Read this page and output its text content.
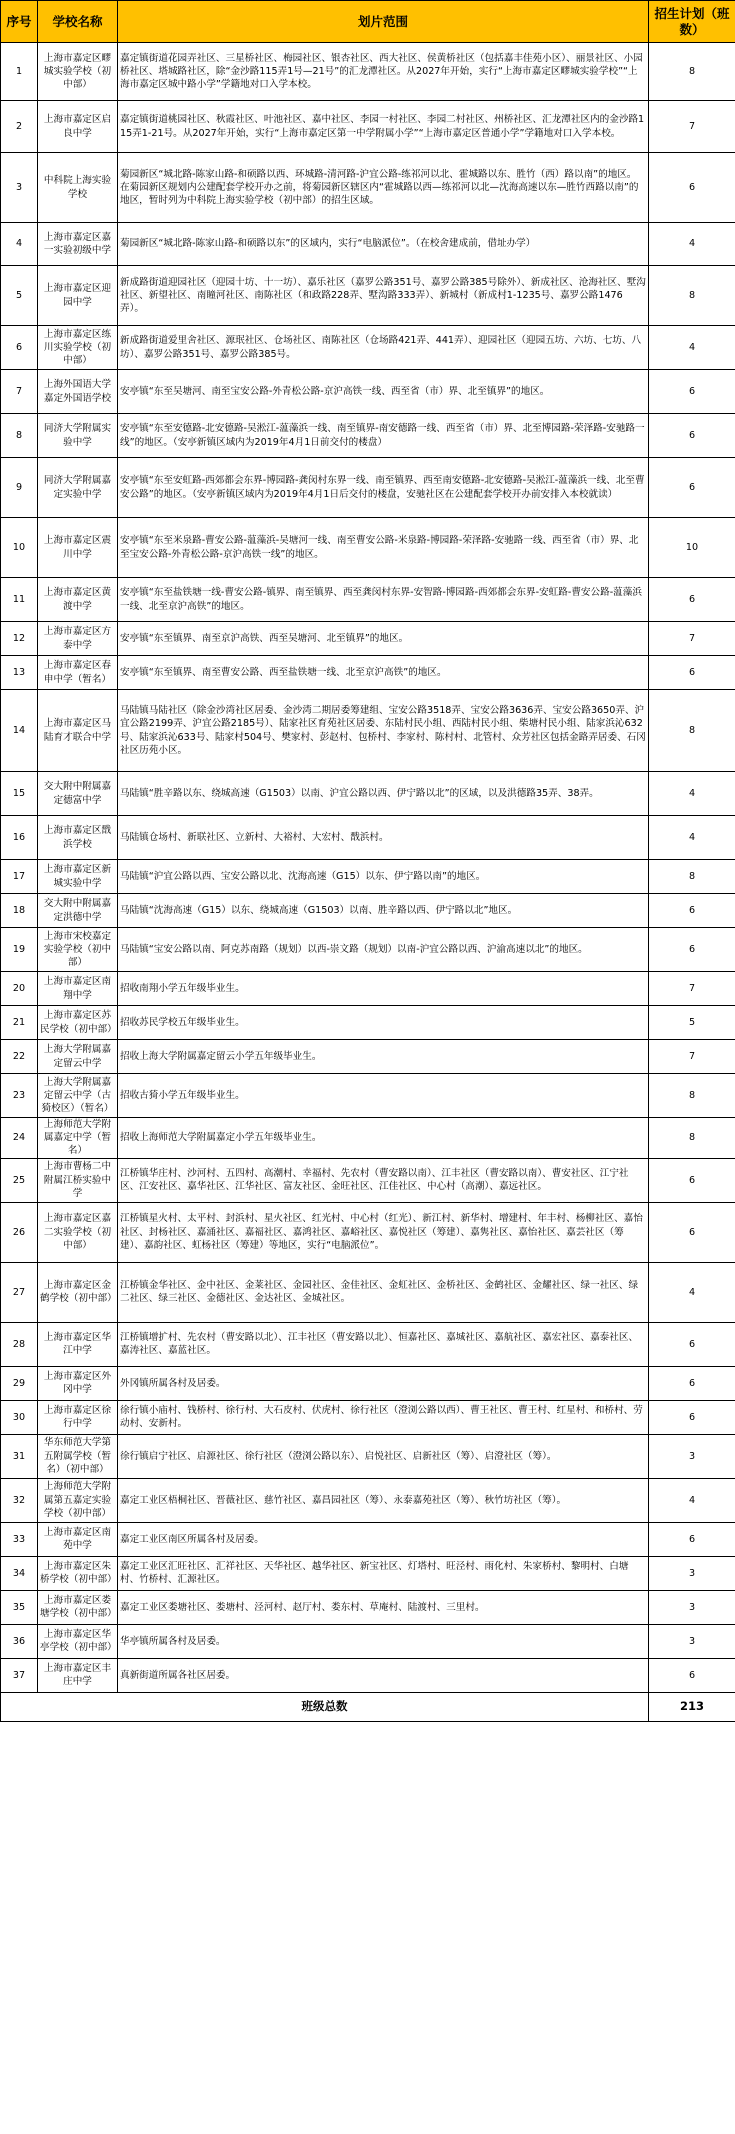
序号	学校名称	划片范围	招生计划（班数）
1	上海市嘉定区疁城实验学校（初中部）	嘉定镇街道花园弄社区、三星桥社区、梅园社区、银杏社区、西大社区、侯黄桥社区（包括嘉丰佳苑小区）、丽景社区、小园桥社区、塔城路社区，除“金沙路115弄1号—21号”的汇龙潭社区。从2027年开始，实行“上海市嘉定区疁城实验学校”“上海市嘉定区城中路小学”学籍地对口入学本校。	8
2	上海市嘉定区启良中学	嘉定镇街道桃园社区、秋霞社区、叶池社区、嘉中社区、李园一村社区、李园二村社区、州桥社区、汇龙潭社区内的金沙路115弄1-21号。从2027年开始，实行“上海市嘉定区第一中学附属小学”“上海市嘉定区普通小学”学籍地对口入学本校。	7
3	中科院上海实验学校	菊园新区“城北路-陈家山路-和硕路以西、环城路-清河路-沪宜公路-练祁河以北、霍城路以东、胜竹（西）路以南”的地区。在菊园新区规划内公建配套学校开办之前，将菊园新区辖区内“霍城路以西—练祁河以北—沈海高速以东—胜竹西路以南”的地区，暂时列为中科院上海实验学校（初中部）的招生区域。	6
4	上海市嘉定区嘉一实验初级中学	菊园新区“城北路-陈家山路-和硕路以东”的区域内，实行“电脑派位”。（在校舍建成前，借址办学）	4
5	上海市嘉定区迎园中学	新成路街道迎园社区（迎园十坊、十一坊）、嘉乐社区（嘉罗公路351号、嘉罗公路385号除外）、新成社区、沧海社区、墅沟社区、新望社区、南瞳河社区、南陈社区（和政路228弄、墅沟路333弄）、新城村（新成村1-1235号、嘉罗公路1476弄）。	8
6	上海市嘉定区练川实验学校（初中部）	新成路街道爱里舍社区、源珉社区、仓场社区、南陈社区（仓场路421弄、441弄）、迎园社区（迎园五坊、六坊、七坊、八坊）、嘉罗公路351号、嘉罗公路385号。	4
7	上海外国语大学嘉定外国语学校	安亭镇“东至吴塘河、南至宝安公路-外青松公路-京沪高铁一线、西至省（市）界、北至镇界”的地区。	6
8	同济大学附属实验中学	安亭镇“东至安德路-北安德路-吴淞江-蕰藻浜一线、南至镇界-南安德路一线、西至省（市）界、北至博园路-荣泽路-安驰路一线”的地区。（安亭新镇区域内为2019年4月1日前交付的楼盘）	6
9	同济大学附属嘉定实验中学	安亭镇“东至安虹路-西郊都会东界-博园路-龚闵村东界一线、南至镇界、西至南安德路-北安德路-吴淞江-蕰藻浜一线、北至曹安公路”的地区。（安亭新镇区域内为2019年4月1日后交付的楼盘，安驰社区在公建配套学校开办前安排入本校就读）	6
10	上海市嘉定区震川中学	安亭镇“东至米泉路-曹安公路-蕰藻浜-吴塘河一线、南至曹安公路-米泉路-博园路-荣泽路-安驰路一线、西至省（市）界、北至宝安公路-外青松公路-京沪高铁一线”的地区。	10
11	上海市嘉定区黄渡中学	安亭镇“东至盐铁塘一线-曹安公路-镇界、南至镇界、西至龚闵村东界-安智路-博园路-西郊都会东界-安虹路-曹安公路-蕰藻浜一线、北至京沪高铁”的地区。	6
12	上海市嘉定区方泰中学	安亭镇“东至镇界、南至京沪高铁、西至吴塘河、北至镇界”的地区。	7
13	上海市嘉定区春申中学（暂名）	安亭镇“东至镇界、南至曹安公路、西至盐铁塘一线、北至京沪高铁”的地区。	6
14	上海市嘉定区马陆育才联合中学	马陆镇马陆社区（除金沙湾社区居委、金沙湾二期居委筹建组、宝安公路3518弄、宝安公路3636弄、宝安公路3650弄、沪宜公路2199弄、沪宜公路2185号）、陆家社区育苑社区居委、东陆村民小组、西陆村民小组、柴塘村民小组、陆家浜沁632号、陆家浜沁633号、陆家村504号、樊家村、彭赵村、包桥村、李家村、陈村村、北管村、众芳社区包括金路弄居委、石冈社区历苑小区。	8
15	交大附中附属嘉定德富中学	马陆镇“胜辛路以东、绕城高速（G1503）以南、沪宜公路以西、伊宁路以北”的区域，以及洪德路35弄、38弄。	4
16	上海市嘉定区戬浜学校	马陆镇仓场村、新联社区、立新村、大裕村、大宏村、戬浜村。	4
17	上海市嘉定区新城实验中学	马陆镇“沪宜公路以西、宝安公路以北、沈海高速（G15）以东、伊宁路以南”的地区。	8
18	交大附中附属嘉定洪德中学	马陆镇“沈海高速（G15）以东、绕城高速（G1503）以南、胜辛路以西、伊宁路以北”地区。	6
19	上海市宋校嘉定实验学校（初中部）	马陆镇“宝安公路以南、阿克苏南路（规划）以西-崇文路（规划）以南-沪宜公路以西、沪渝高速以北”的地区。	6
20	上海市嘉定区南翔中学	招收南翔小学五年级毕业生。	7
21	上海市嘉定区苏民学校（初中部）	招收苏民学校五年级毕业生。	5
22	上海大学附属嘉定留云中学	招收上海大学附属嘉定留云小学五年级毕业生。	7
23	上海大学附属嘉定留云中学（古猗校区）（暂名）	招收古猗小学五年级毕业生。	8
24	上海师范大学附属嘉定中学（暂名）	招收上海师范大学附属嘉定小学五年级毕业生。	8
25	上海市曹杨二中附属江桥实验中学	江桥镇华庄村、沙河村、五四村、高潮村、幸福村、先农村（曹安路以南）、江丰社区（曹安路以南）、曹安社区、江宁社区、江安社区、嘉华社区、江华社区、富友社区、金旺社区、江佳社区、中心村（高潮）、嘉远社区。	6
26	上海市嘉定区嘉二实验学校（初中部）	江桥镇星火村、太平村、封浜村、星火社区、红光村、中心村（红光）、新江村、新华村、增建村、年丰村、杨柳社区、嘉怡社区、封杨社区、嘉涌社区、嘉福社区、嘉鸿社区、嘉峪社区、嘉悦社区（筹建）、嘉隽社区、嘉怡社区、嘉芸社区（筹建）、嘉韵社区、虹杨社区（筹建）等地区，实行“电脑派位”。	6
27	上海市嘉定区金鹤学校（初中部）	江桥镇金华社区、金中社区、金莱社区、金园社区、金佳社区、金虹社区、金桥社区、金鹤社区、金耀社区、绿一社区、绿二社区、绿三社区、金德社区、金达社区、金城社区。	4
28	上海市嘉定区华江中学	江桥镇增扩村、先农村（曹安路以北）、江丰社区（曹安路以北）、恒嘉社区、嘉城社区、嘉航社区、嘉宏社区、嘉泰社区、嘉涛社区、嘉蓝社区。	6
29	上海市嘉定区外冈中学	外冈镇所属各村及居委。	6
30	上海市嘉定区徐行中学	徐行镇小庙村、钱桥村、徐行村、大石皮村、伏虎村、徐行社区（澄浏公路以西）、曹王社区、曹王村、红星村、和桥村、劳动村、安新村。	6
31	华东师范大学第五附属学校（暂名）（初中部）	徐行镇启宁社区、启源社区、徐行社区（澄浏公路以东）、启悦社区、启新社区（筹）、启澄社区（筹）。	3
32	上海师范大学附属第五嘉定实验学校（初中部）	嘉定工业区梧桐社区、晋薇社区、慈竹社区、嘉昌园社区（筹）、永泰嘉苑社区（筹）、秋竹坊社区（筹）。	4
33	上海市嘉定区南苑中学	嘉定工业区南区所属各村及居委。	6
34	上海市嘉定区朱桥学校（初中部）	嘉定工业区汇旺社区、汇祥社区、天华社区、越华社区、新宝社区、灯塔村、旺泾村、雨化村、朱家桥村、黎明村、白塘村、竹桥村、汇源社区。	3
35	上海市嘉定区娄塘学校（初中部）	嘉定工业区娄塘社区、娄塘村、泾河村、赵厅村、娄东村、草庵村、陆渡村、三里村。	3
36	上海市嘉定区华亭学校（初中部）	华亭镇所属各村及居委。	3
37	上海市嘉定区丰庄中学	真新街道所属各社区居委。	6
班级总数			213
